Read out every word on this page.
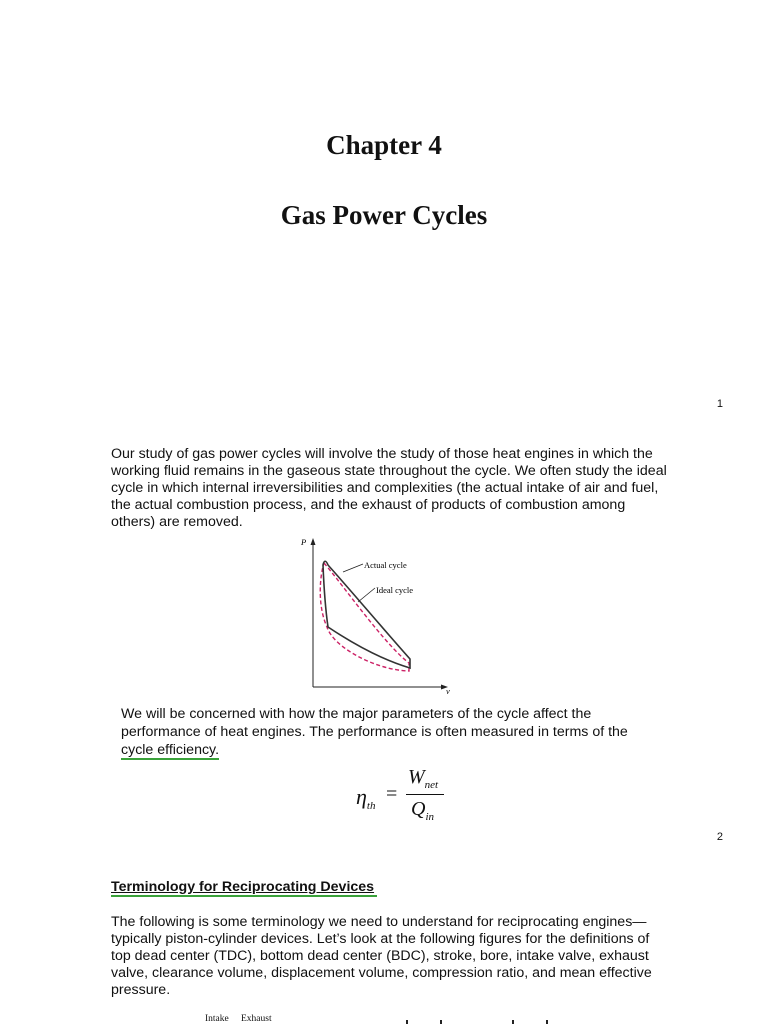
Chapter 4
Gas Power Cycles
1
Our study of gas power cycles will involve the study of those heat engines in which the working fluid remains in the gaseous state throughout the cycle. We often study the ideal cycle in which internal irreversibilities and complexities (the actual intake of air and fuel, the actual combustion process, and the exhaust of products of combustion among others) are removed.
P
v
Actual cycle
Ideal cycle
We will be concerned with how the major parameters of the cycle affect the performance of heat engines. The performance is often measured in terms of the cycle efficiency.
$\eta_{th}$
=
$W_{net}$
$Q_{in}$
2
Terminology for Reciprocating Devices
The following is some terminology we need to understand for reciprocating engines—typically piston-cylinder devices. Let’s look at the following figures for the definitions of top dead center (TDC), bottom dead center (BDC), stroke, bore, intake valve, exhaust valve, clearance volume, displacement volume, compression ratio, and mean effective pressure.
Intake Exhaust
